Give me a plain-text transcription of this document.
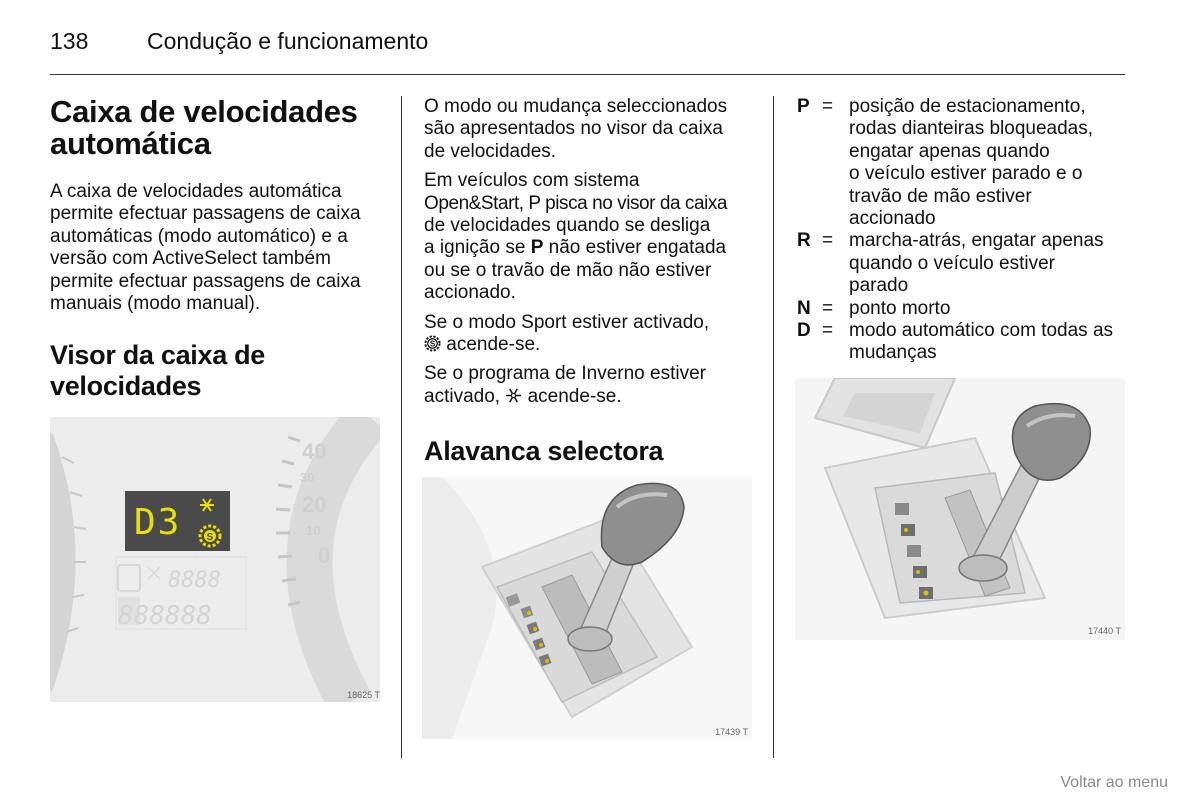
138	Condução e funcionamento
Caixa de velocidades
automática
A caixa de velocidades automática
permite efectuar passagens de caixa
automáticas (modo automático) e a
versão com ActiveSelect também
permite efectuar passagens de caixa
manuais (modo manual).
Visor da caixa de
velocidades
40
30
20
10
0
D3	S
8888
888888
18625 T

O modo ou mudança seleccionados
são apresentados no visor da caixa
de velocidades.

Em veículos com sistema
Open&Start, P pisca no visor da caixa
de velocidades quando se desliga
a ignição se P não estiver engatada
ou se o travão de mão não estiver
accionado.

Se o modo Sport estiver activado,

S acende-se.

Se o programa de Inverno estiver
activado,  acende-se.

Alavanca selectora
17439 T
P = posição de estacionamento,
rodas dianteiras bloqueadas,
engatar apenas quando
o veículo estiver parado e o
travão de mão estiver
accionado
R = marcha-atrás, engatar apenas
quando o veículo estiver
parado
N = ponto morto
D = modo automático com todas as
mudanças
17440 T
Voltar ao menu
